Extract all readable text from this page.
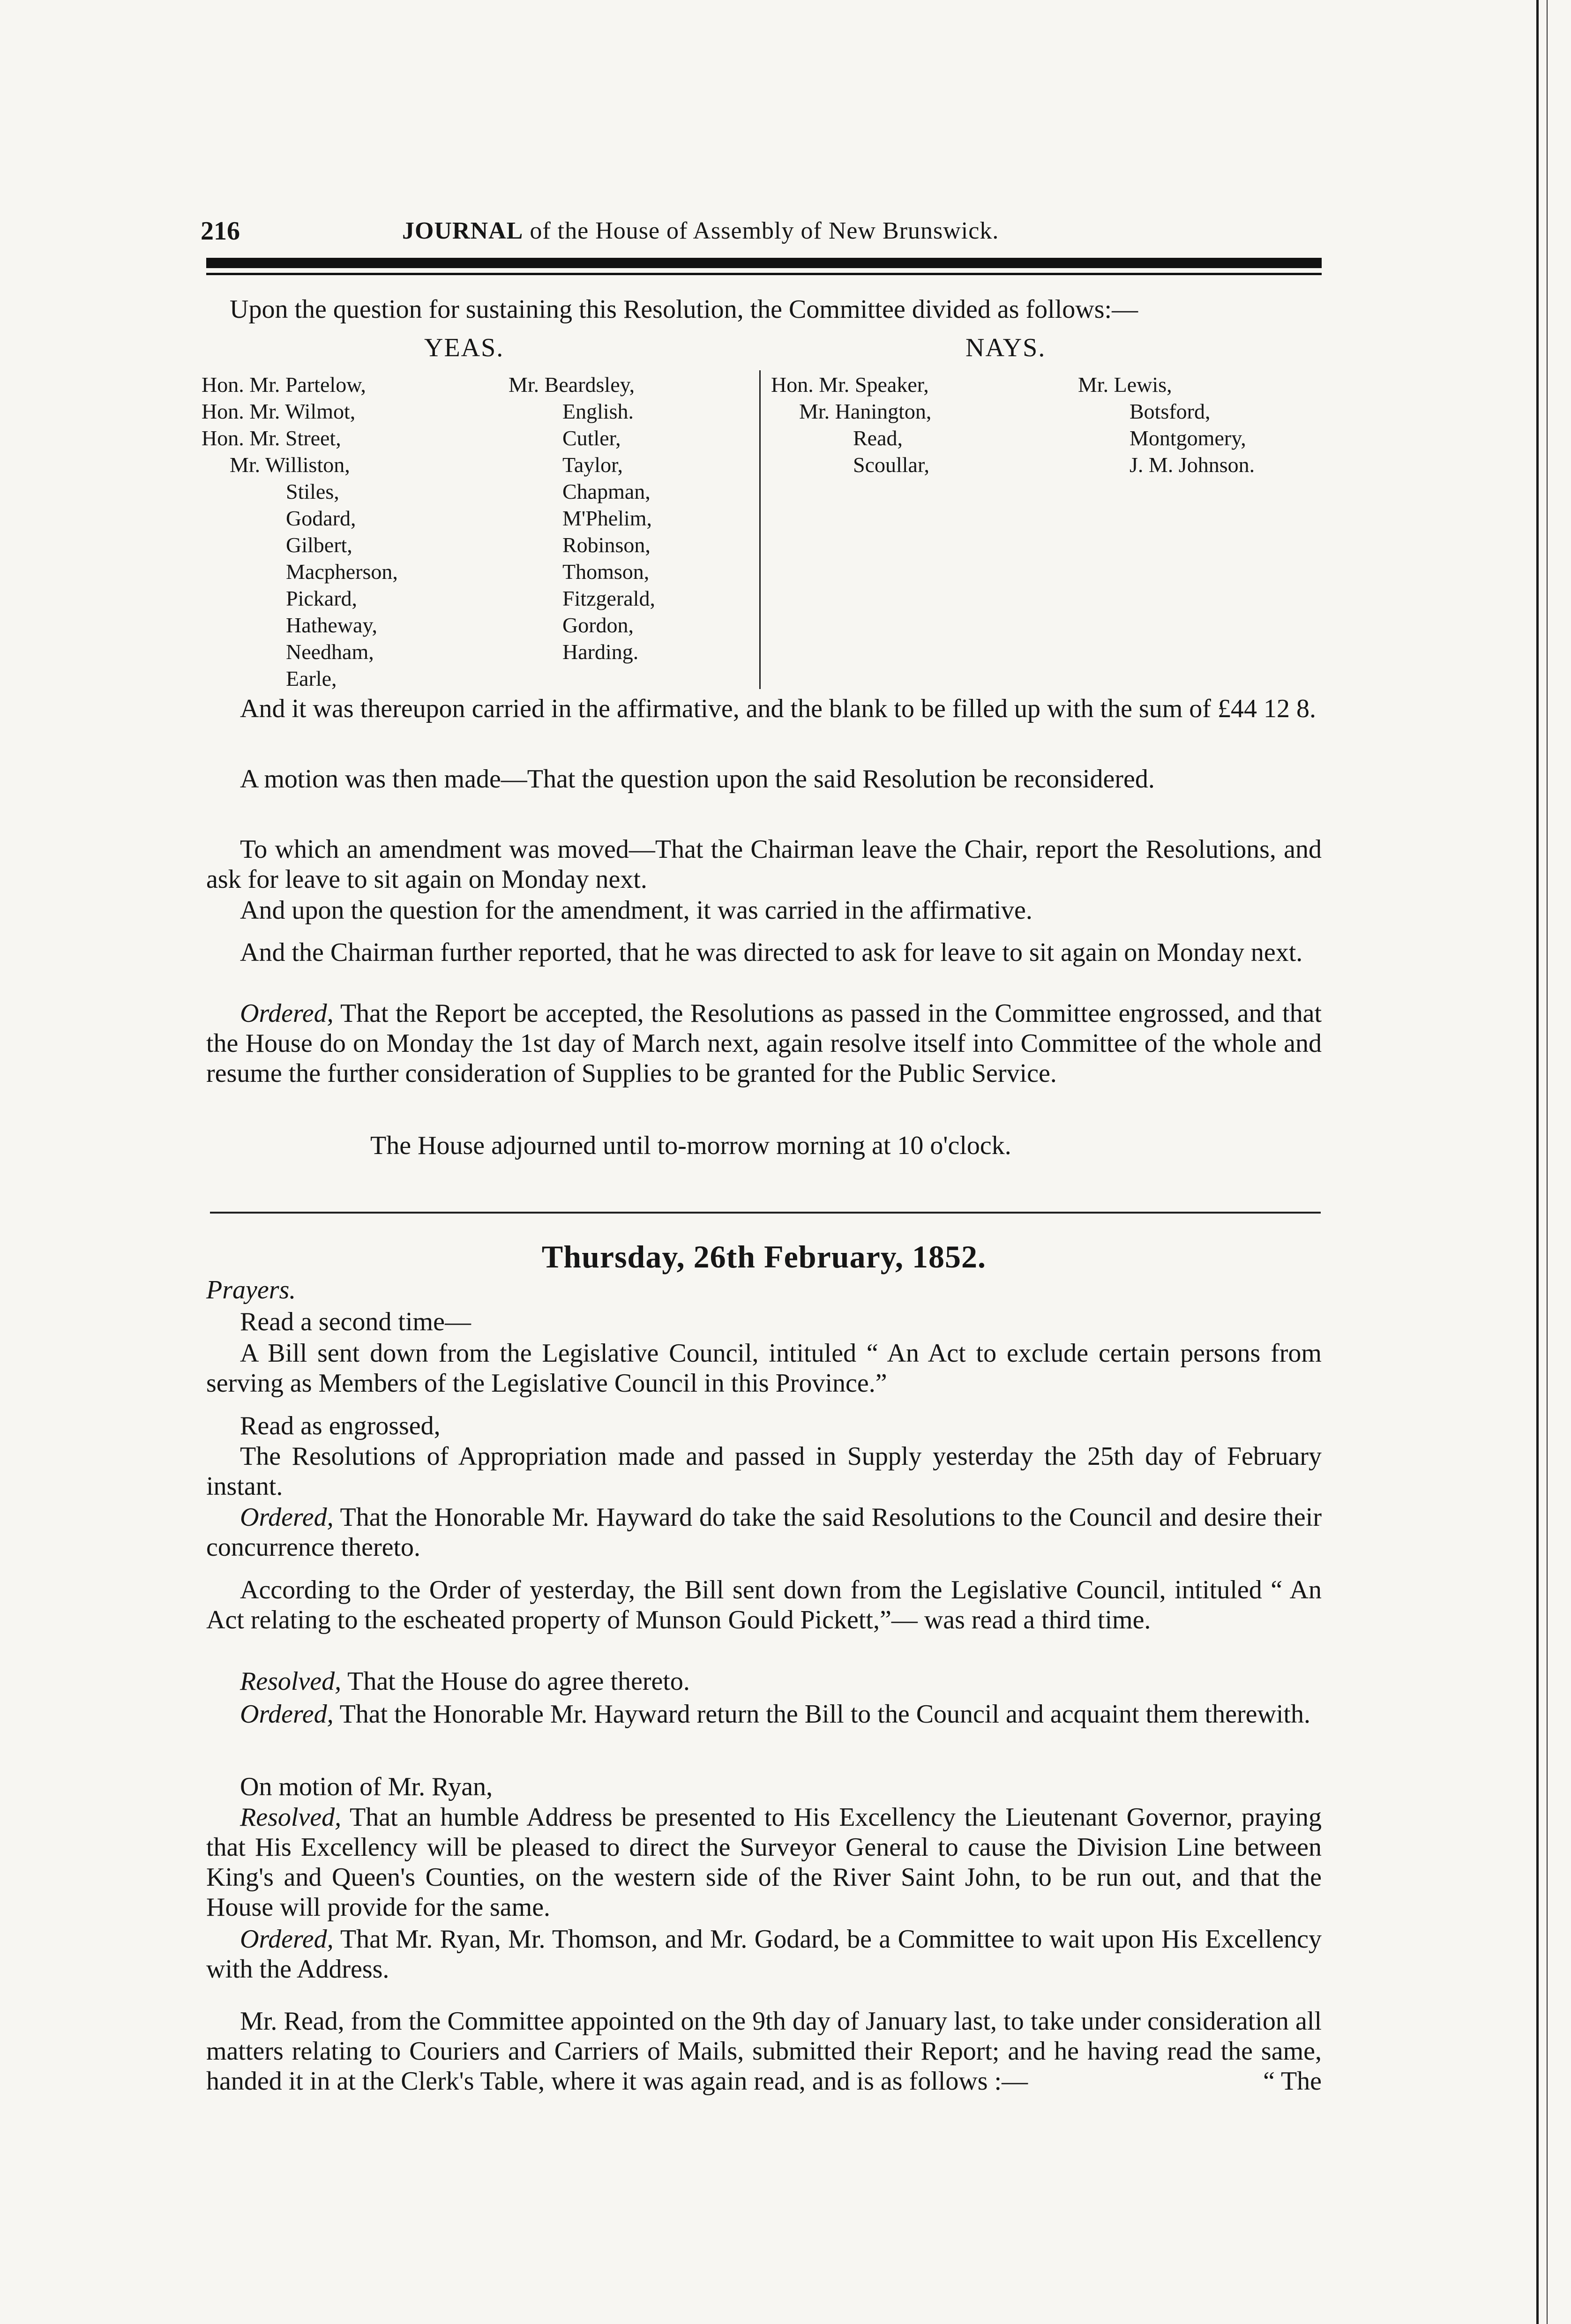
216	JOURNAL of the House of Assembly of New Brunswick.
Upon the question for sustaining this Resolution, the Committee divided as follows:—
YEAS.	NAYS.
Hon. Mr. Partelow,
Hon. Mr. Wilmot,
Hon. Mr. Street,
Mr. Williston,
Stiles,
Godard,
Gilbert,
Macpherson,
Pickard,
Hatheway,
Needham,
Earle,
Mr. Beardsley,
English.
Cutler,
Taylor,
Chapman,
M'Phelim,
Robinson,
Thomson,
Fitzgerald,
Gordon,
Harding.
Hon. Mr. Speaker,
Mr. Hanington,
Read,
Scoullar,
Mr. Lewis,
Botsford,
Montgomery,
J. M. Johnson.
And it was thereupon carried in the affirmative, and the blank to be filled up with the sum of £44 12 8.
A motion was then made—That the question upon the said Resolution be reconsidered.
To which an amendment was moved—That the Chairman leave the Chair, report the Resolutions, and ask for leave to sit again on Monday next.
And upon the question for the amendment, it was carried in the affirmative.
And the Chairman further reported, that he was directed to ask for leave to sit again on Monday next.
Ordered, That the Report be accepted, the Resolutions as passed in the Committee engrossed, and that the House do on Monday the 1st day of March next, again resolve itself into Committee of the whole and resume the further consideration of Supplies to be granted for the Public Service.
The House adjourned until to-morrow morning at 10 o'clock.
Thursday, 26th February, 1852.
Prayers.
Read a second time—
A Bill sent down from the Legislative Council, intituled “ An Act to exclude certain persons from serving as Members of the Legislative Council in this Province.”
Read as engrossed,
The Resolutions of Appropriation made and passed in Supply yesterday the 25th day of February instant.
Ordered, That the Honorable Mr. Hayward do take the said Resolutions to the Council and desire their concurrence thereto.
According to the Order of yesterday, the Bill sent down from the Legislative Council, intituled “ An Act relating to the escheated property of Munson Gould Pickett,”— was read a third time.
Resolved, That the House do agree thereto.
Ordered, That the Honorable Mr. Hayward return the Bill to the Council and acquaint them therewith.
On motion of Mr. Ryan,
Resolved, That an humble Address be presented to His Excellency the Lieutenant Governor, praying that His Excellency will be pleased to direct the Surveyor General to cause the Division Line between King's and Queen's Counties, on the western side of the River Saint John, to be run out, and that the House will provide for the same.
Ordered, That Mr. Ryan, Mr. Thomson, and Mr. Godard, be a Committee to wait upon His Excellency with the Address.
Mr. Read, from the Committee appointed on the 9th day of January last, to take under consideration all matters relating to Couriers and Carriers of Mails, submitted their Report; and he having read the same, handed it in at the Clerk's Table, where it was again read, and is as follows :—	“ The
